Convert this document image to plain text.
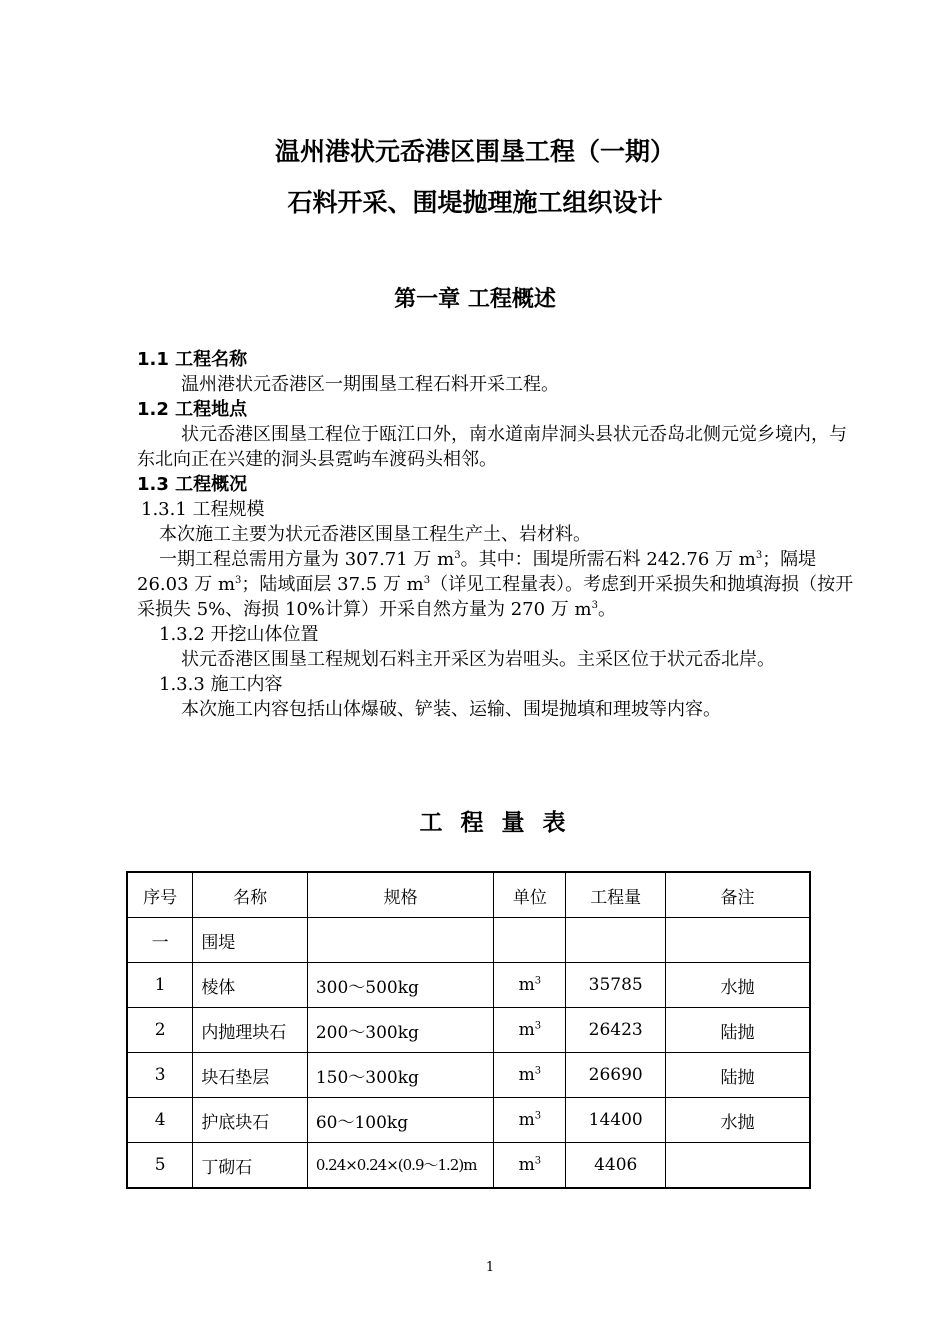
温州港状元岙港区围垦工程（一期）
石料开采、围堤抛理施工组织设计
第一章 工程概述

1.1 工程名称

温州港状元岙港区一期围垦工程石料开采工程。

1.2 工程地点

状元岙港区围垦工程位于瓯江口外，南水道南岸洞头县状元岙岛北侧元觉乡境内，与东北向正在兴建的洞头县霓屿车渡码头相邻。

1.3 工程概况

1.3.1 工程规模

本次施工主要为状元岙港区围垦工程生产土、岩材料。

一期工程总需用方量为 307.71 万 $m^3$。其中：围堤所需石料 242.76 万 $m^3$；隔堤 26.03 万 $m^3$；陆域面层 37.5 万 $m^3$（详见工程量表）。考虑到开采损失和抛填海损（按开采损失 5%、海损 10%计算）开采自然方量为 270 万 $m^3$。

1.3.2 开挖山体位置

状元岙港区围垦工程规划石料主开采区为岩咀头。主采区位于状元岙北岸。

1.3.3 施工内容

本次施工内容包括山体爆破、铲装、运输、围堤抛填和理坡等内容。

工 程 量 表
序号	名称	规格	单位	工程量	备注
一	围堤				
1	棱体	300～500kg	$m^3$	35785	水抛
2	内抛理块石	200～300kg	$m^3$	26423	陆抛
3	块石垫层	150～300kg	$m^3$	26690	陆抛
4	护底块石	60～100kg	$m^3$	14400	水抛
5	丁砌石	0.24×0.24×(0.9～1.2)m	$m^3$	4406	
1
